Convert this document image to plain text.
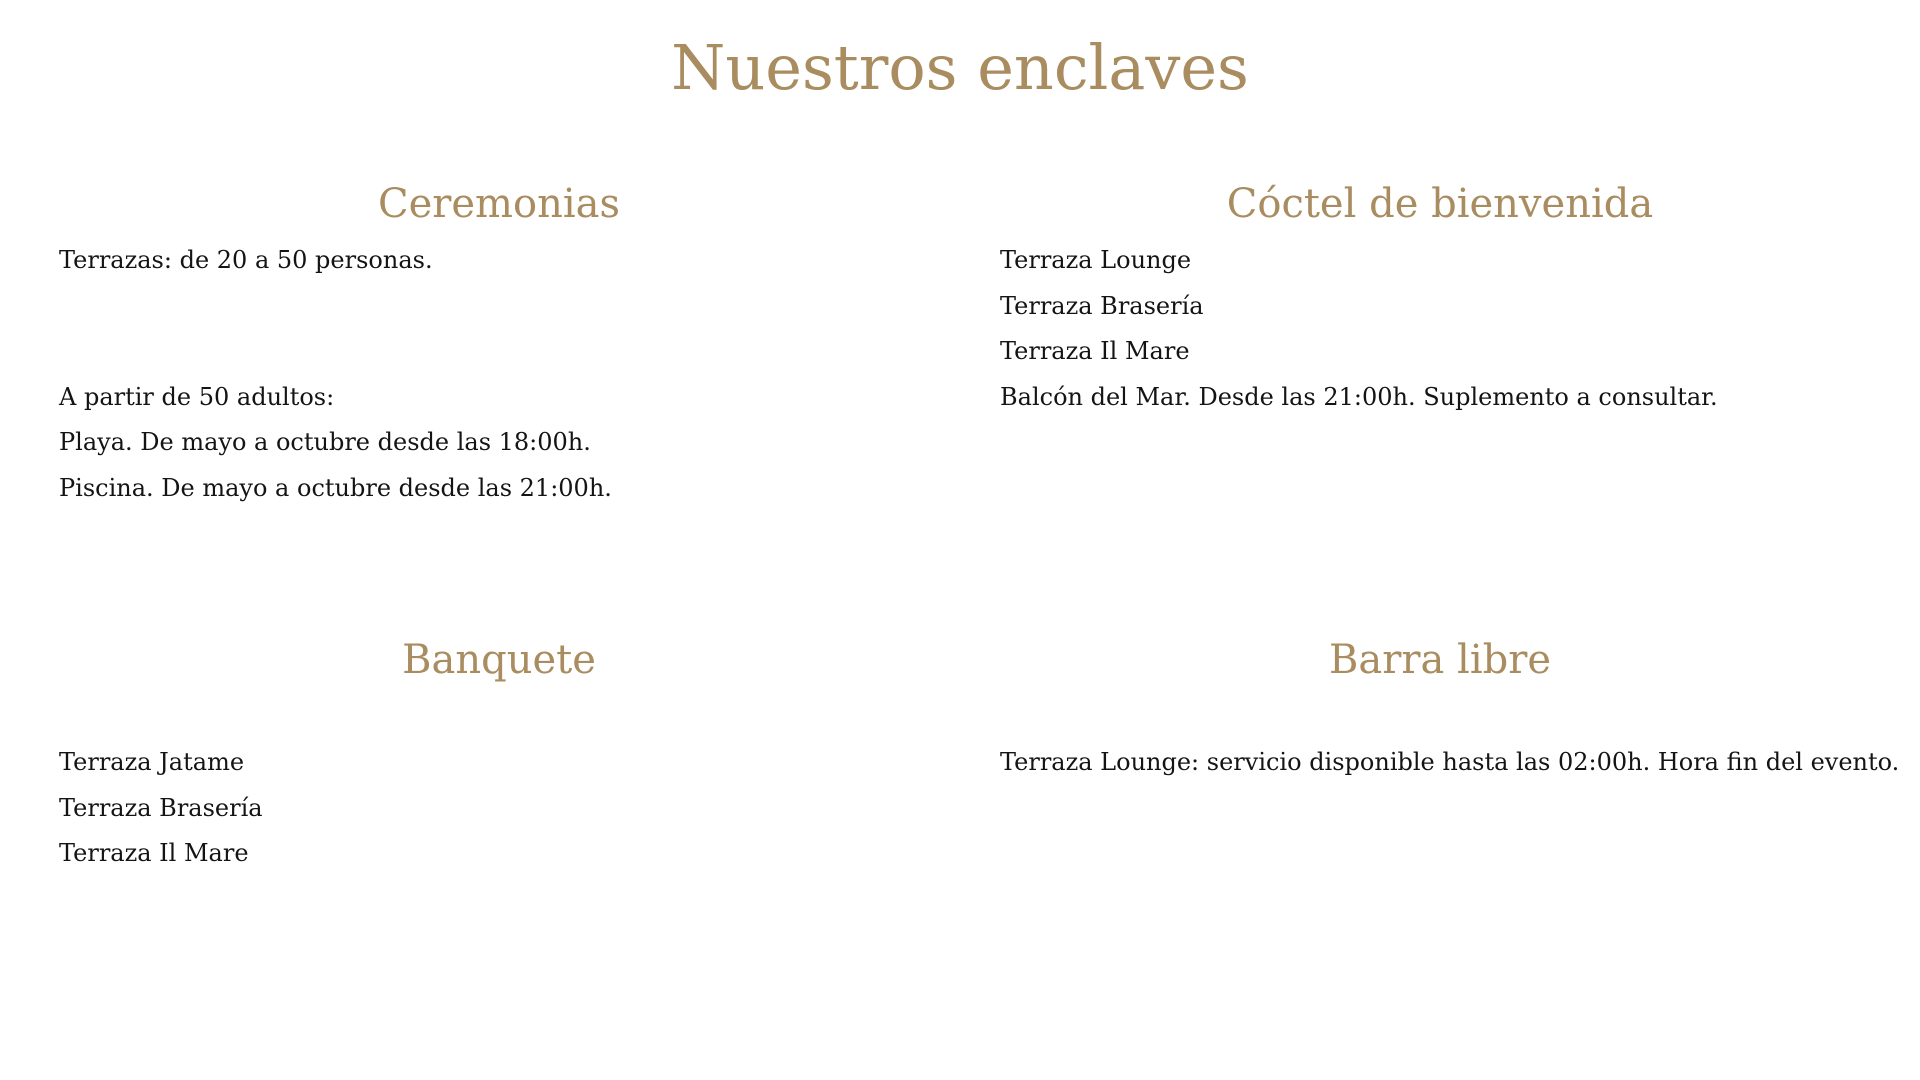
Nuestros enclaves
Ceremonias

Terrazas: de 20 a 50 personas.

A partir de 50 adultos:

Playa. De mayo a octubre desde las 18:00h.

Piscina. De mayo a octubre desde las 21:00h.

Cóctel de bienvenida

Terraza Lounge

Terraza Brasería

Terraza Il Mare

Balcón del Mar. Desde las 21:00h. Suplemento a consultar.

Banquete

Terraza Jatame

Terraza Brasería

Terraza Il Mare

Barra libre

Terraza Lounge: servicio disponible hasta las 02:00h. Hora fin del evento.
